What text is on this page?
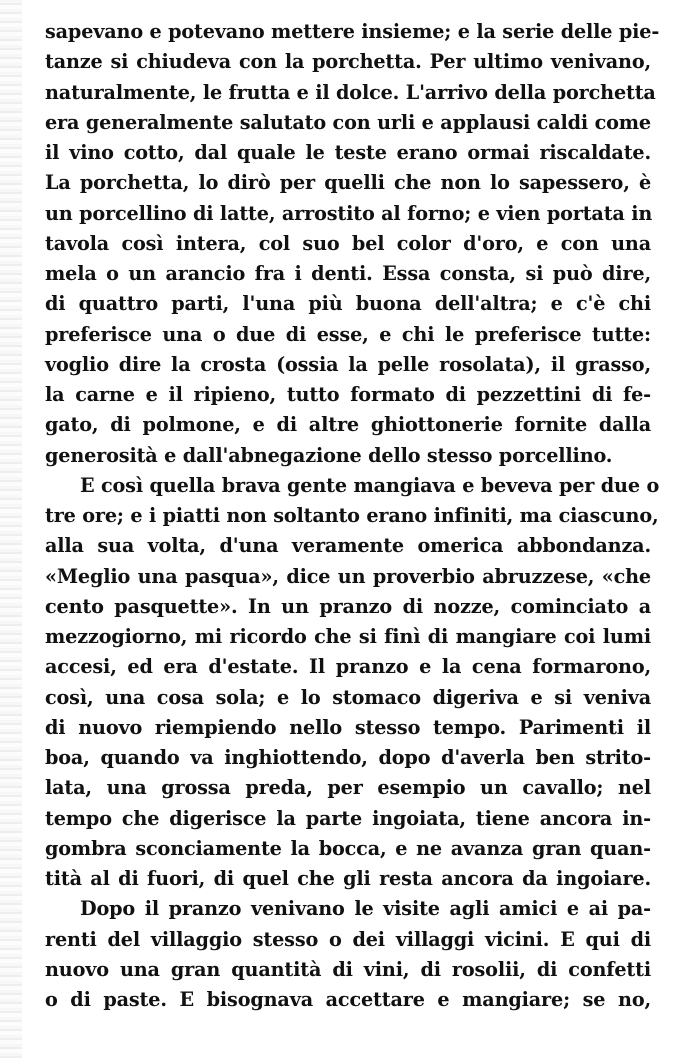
sapevano e potevano mettere insieme; e la serie delle pie-
tanze si chiudeva con la porchetta. Per ultimo venivano,
naturalmente, le frutta e il dolce. L'arrivo della porchetta
era generalmente salutato con urli e applausi caldi come
il vino cotto, dal quale le teste erano ormai riscaldate.
La porchetta, lo dirò per quelli che non lo sapessero, è
un porcellino di latte, arrostito al forno; e vien portata in
tavola così intera, col suo bel color d'oro, e con una
mela o un arancio fra i denti. Essa consta, si può dire,
di quattro parti, l'una più buona dell'altra; e c'è chi
preferisce una o due di esse, e chi le preferisce tutte:
voglio dire la crosta (ossia la pelle rosolata), il grasso,
la carne e il ripieno, tutto formato di pezzettini di fe-
gato, di polmone, e di altre ghiottonerie fornite dalla
generosità e dall'abnegazione dello stesso porcellino.
E così quella brava gente mangiava e beveva per due o
tre ore; e i piatti non soltanto erano infiniti, ma ciascuno,
alla sua volta, d'una veramente omerica abbondanza.
«Meglio una pasqua», dice un proverbio abruzzese, «che
cento pasquette». In un pranzo di nozze, cominciato a
mezzogiorno, mi ricordo che si finì di mangiare coi lumi
accesi, ed era d'estate. Il pranzo e la cena formarono,
così, una cosa sola; e lo stomaco digeriva e si veniva
di nuovo riempiendo nello stesso tempo. Parimenti il
boa, quando va inghiottendo, dopo d'averla ben strito-
lata, una grossa preda, per esempio un cavallo; nel
tempo che digerisce la parte ingoiata, tiene ancora in-
gombra sconciamente la bocca, e ne avanza gran quan-
tità al di fuori, di quel che gli resta ancora da ingoiare.
Dopo il pranzo venivano le visite agli amici e ai pa-
renti del villaggio stesso o dei villaggi vicini. E qui di
nuovo una gran quantità di vini, di rosolii, di confetti
o di paste. E bisognava accettare e mangiare; se no,
